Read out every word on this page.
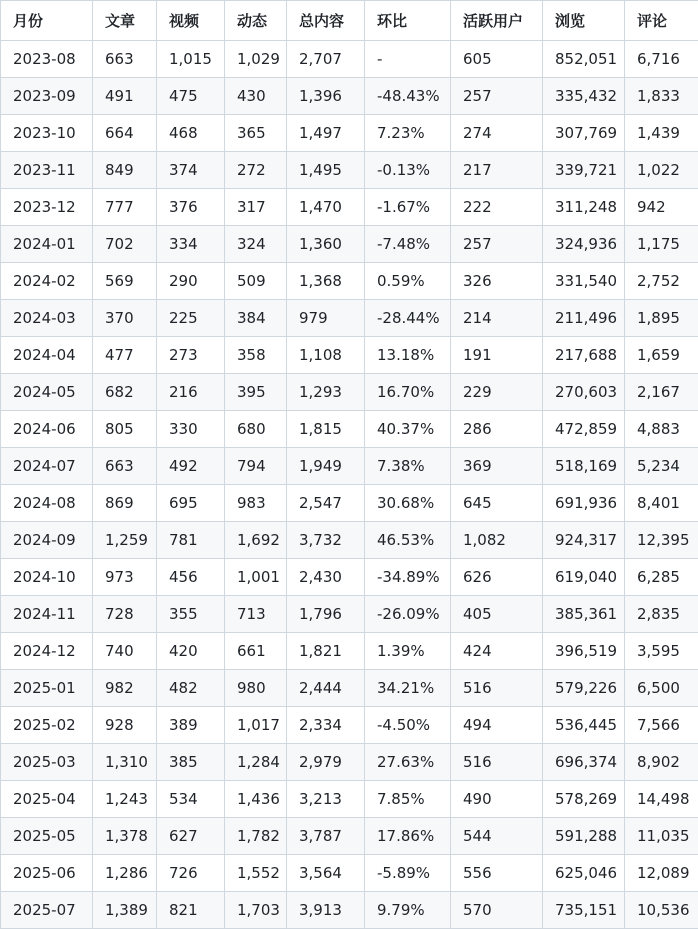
月份	文章	视频	动态	总内容	环比	活跃用户	浏览	评论
2023-08	663	1,015	1,029	2,707	-	605	852,051	6,716
2023-09	491	475	430	1,396	-48.43%	257	335,432	1,833
2023-10	664	468	365	1,497	7.23%	274	307,769	1,439
2023-11	849	374	272	1,495	-0.13%	217	339,721	1,022
2023-12	777	376	317	1,470	-1.67%	222	311,248	942
2024-01	702	334	324	1,360	-7.48%	257	324,936	1,175
2024-02	569	290	509	1,368	0.59%	326	331,540	2,752
2024-03	370	225	384	979	-28.44%	214	211,496	1,895
2024-04	477	273	358	1,108	13.18%	191	217,688	1,659
2024-05	682	216	395	1,293	16.70%	229	270,603	2,167
2024-06	805	330	680	1,815	40.37%	286	472,859	4,883
2024-07	663	492	794	1,949	7.38%	369	518,169	5,234
2024-08	869	695	983	2,547	30.68%	645	691,936	8,401
2024-09	1,259	781	1,692	3,732	46.53%	1,082	924,317	12,395
2024-10	973	456	1,001	2,430	-34.89%	626	619,040	6,285
2024-11	728	355	713	1,796	-26.09%	405	385,361	2,835
2024-12	740	420	661	1,821	1.39%	424	396,519	3,595
2025-01	982	482	980	2,444	34.21%	516	579,226	6,500
2025-02	928	389	1,017	2,334	-4.50%	494	536,445	7,566
2025-03	1,310	385	1,284	2,979	27.63%	516	696,374	8,902
2025-04	1,243	534	1,436	3,213	7.85%	490	578,269	14,498
2025-05	1,378	627	1,782	3,787	17.86%	544	591,288	11,035
2025-06	1,286	726	1,552	3,564	-5.89%	556	625,046	12,089
2025-07	1,389	821	1,703	3,913	9.79%	570	735,151	10,536
